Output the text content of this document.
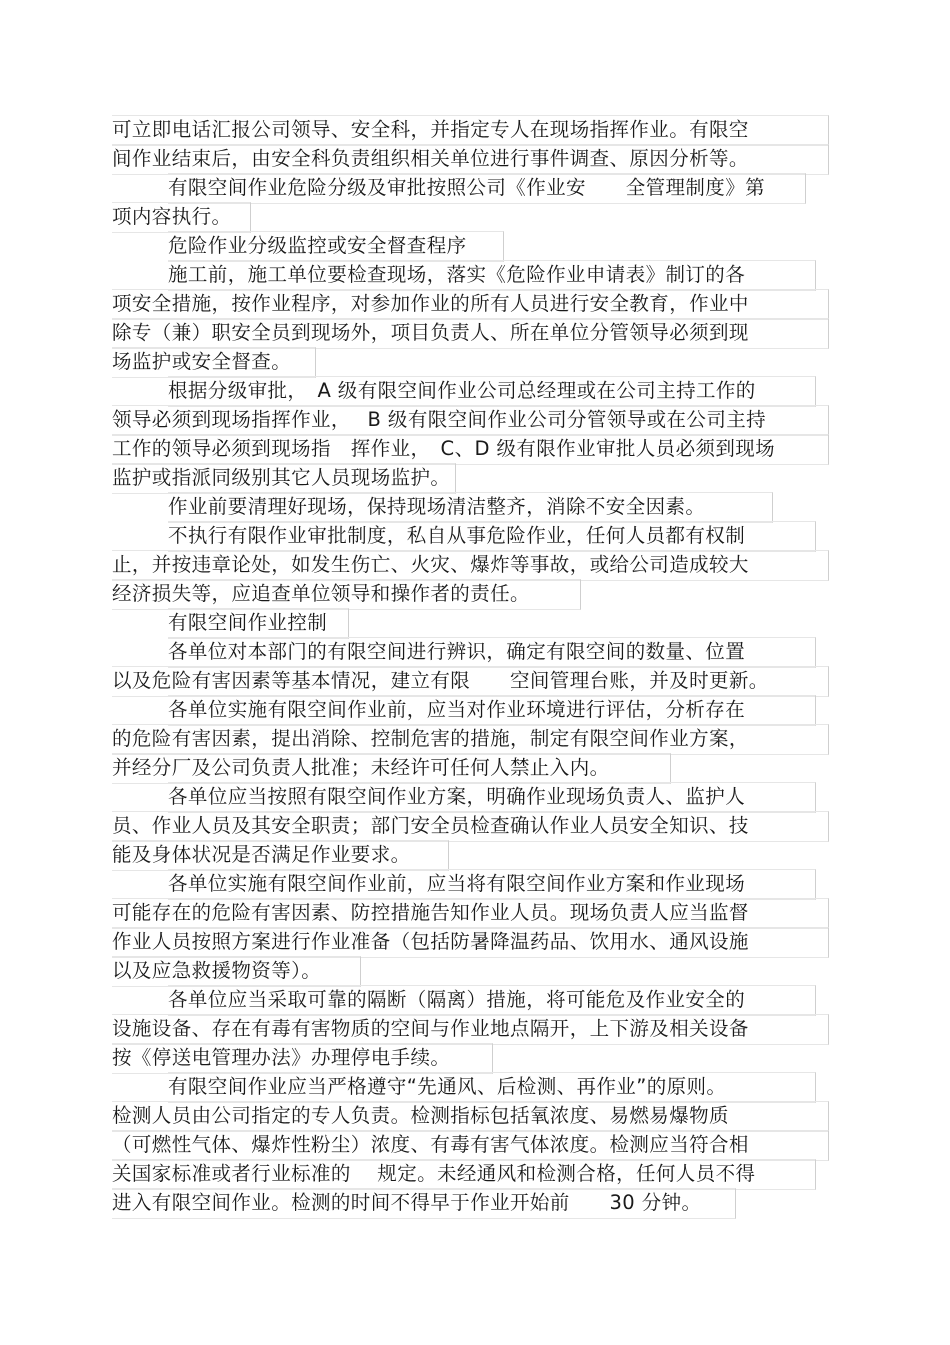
可立即电话汇报公司领导、安全科，并指定专人在现场指挥作业。有限空
间作业结束后，由安全科负责组织相关单位进行事件调查、原因分析等。
有限空间作业危险分级及审批按照公司《作业安　　全管理制度》第
项内容执行。
危险作业分级监控或安全督查程序
施工前，施工单位要检查现场，落实《危险作业申请表》制订的各
项安全措施，按作业程序，对参加作业的所有人员进行安全教育，作业中
除专（兼）职安全员到现场外，项目负责人、所在单位分管领导必须到现
场监护或安全督查。
根据分级审批，　A 级有限空间作业公司总经理或在公司主持工作的
领导必须到现场指挥作业，　 B 级有限空间作业公司分管领导或在公司主持
工作的领导必须到现场指　挥作业，　C、D 级有限作业审批人员必须到现场
监护或指派同级别其它人员现场监护。
作业前要清理好现场，保持现场清洁整齐，消除不安全因素。
不执行有限作业审批制度，私自从事危险作业，任何人员都有权制
止，并按违章论处，如发生伤亡、火灾、爆炸等事故，或给公司造成较大
经济损失等，应追查单位领导和操作者的责任。
有限空间作业控制
各单位对本部门的有限空间进行辨识，确定有限空间的数量、位置
以及危险有害因素等基本情况，建立有限　　空间管理台账，并及时更新。
各单位实施有限空间作业前，应当对作业环境进行评估，分析存在
的危险有害因素，提出消除、控制危害的措施，制定有限空间作业方案，
并经分厂及公司负责人批准；未经许可任何人禁止入内。
各单位应当按照有限空间作业方案，明确作业现场负责人、监护人
员、作业人员及其安全职责；部门安全员检查确认作业人员安全知识、技
能及身体状况是否满足作业要求。
各单位实施有限空间作业前，应当将有限空间作业方案和作业现场
可能存在的危险有害因素、防控措施告知作业人员。现场负责人应当监督
作业人员按照方案进行作业准备（包括防暑降温药品、饮用水、通风设施
以及应急救援物资等）。
各单位应当采取可靠的隔断（隔离）措施，将可能危及作业安全的
设施设备、存在有毒有害物质的空间与作业地点隔开，上下游及相关设备
按《停送电管理办法》办理停电手续。
有限空间作业应当严格遵守“先通风、后检测、再作业”的原则。
检测人员由公司指定的专人负责。检测指标包括氧浓度、易燃易爆物质
（可燃性气体、爆炸性粉尘）浓度、有毒有害气体浓度。检测应当符合相
关国家标准或者行业标准的　 规定。未经通风和检测合格，任何人员不得
进入有限空间作业。检测的时间不得早于作业开始前　　30 分钟。
